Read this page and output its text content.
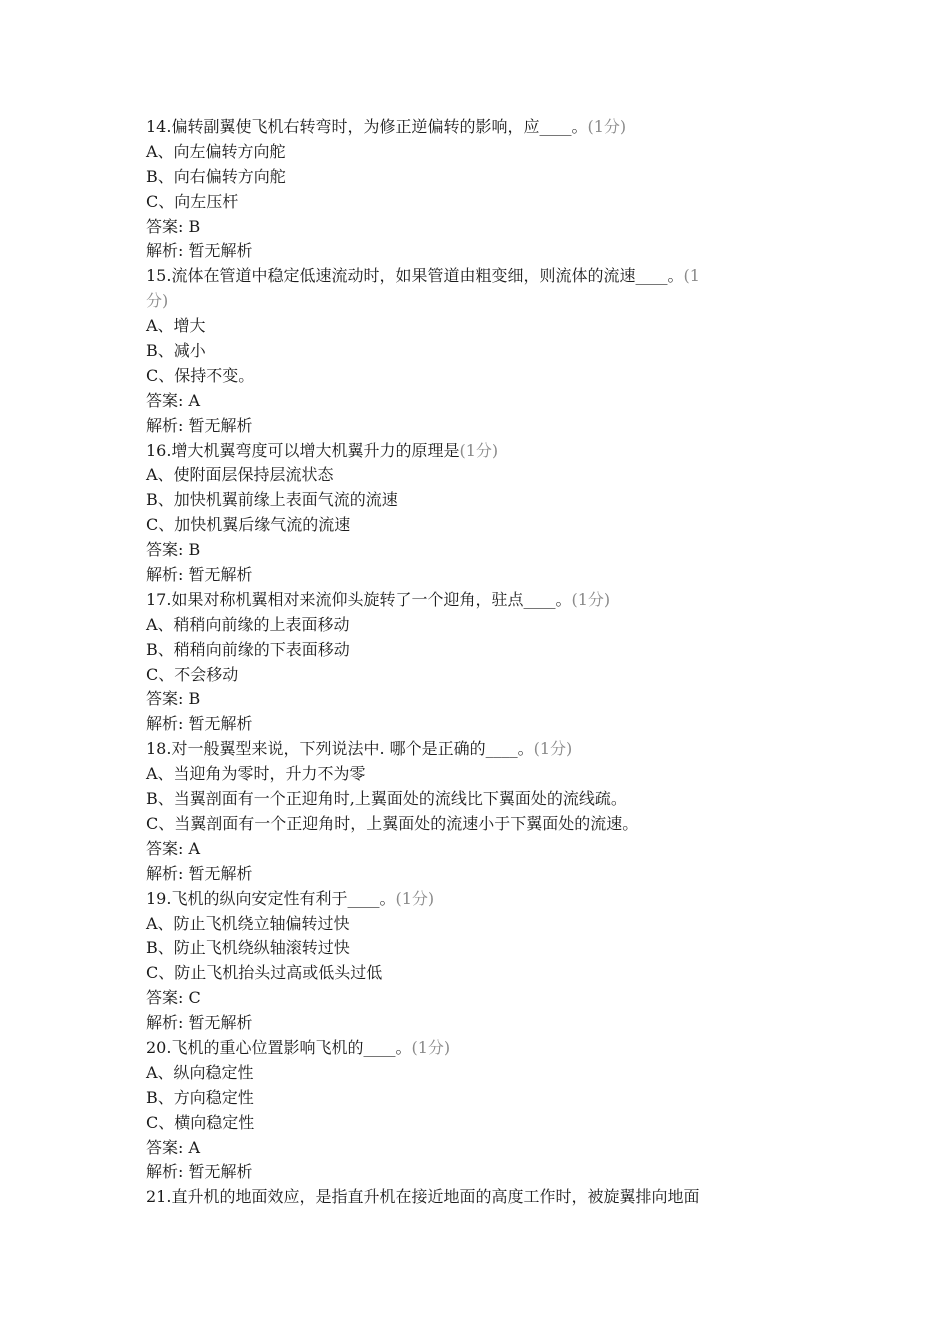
14.偏转副翼使飞机右转弯时，为修正逆偏转的影响，应____。(1分)
A、向左偏转方向舵
B、向右偏转方向舵
C、向左压杆
答案: B
解析: 暂无解析
15.流体在管道中稳定低速流动时，如果管道由粗变细，则流体的流速____。(1
分)
A、增大
B、减小
C、保持不变。
答案: A
解析: 暂无解析
16.增大机翼弯度可以增大机翼升力的原理是(1分)
A、使附面层保持层流状态
B、加快机翼前缘上表面气流的流速
C、加快机翼后缘气流的流速
答案: B
解析: 暂无解析
17.如果对称机翼相对来流仰头旋转了一个迎角，驻点____。(1分)
A、稍稍向前缘的上表面移动
B、稍稍向前缘的下表面移动
C、不会移动
答案: B
解析: 暂无解析
18.对一般翼型来说，下列说法中. 哪个是正确的____。(1分)
A、当迎角为零时，升力不为零
B、当翼剖面有一个正迎角时,上翼面处的流线比下翼面处的流线疏。
C、当翼剖面有一个正迎角时，上翼面处的流速小于下翼面处的流速。
答案: A
解析: 暂无解析
19.飞机的纵向安定性有利于____。(1分)
A、防止飞机绕立轴偏转过快
B、防止飞机绕纵轴滚转过快
C、防止飞机抬头过高或低头过低
答案: C
解析: 暂无解析
20.飞机的重心位置影响飞机的____。(1分)
A、纵向稳定性
B、方向稳定性
C、横向稳定性
答案: A
解析: 暂无解析
21.直升机的地面效应，是指直升机在接近地面的高度工作时，被旋翼排向地面
